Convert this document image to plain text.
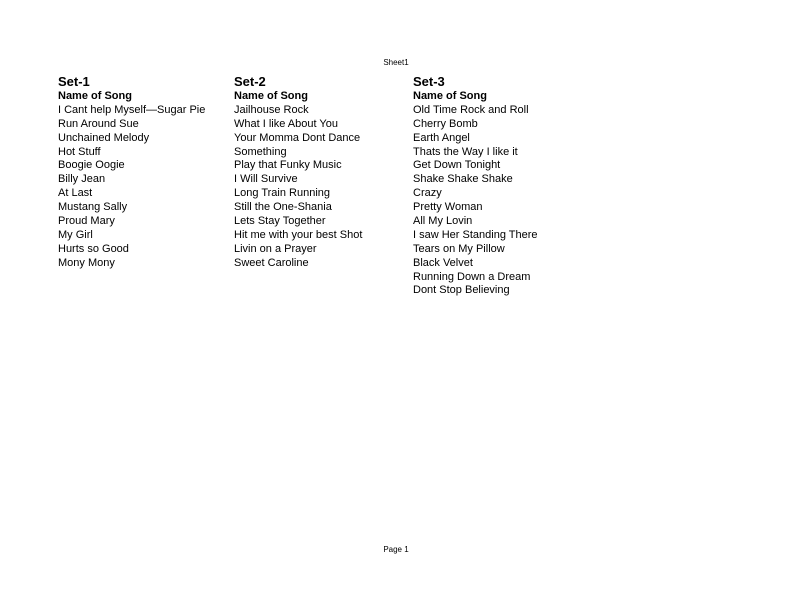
Sheet1
Set-1
Name of Song
I Cant help Myself—Sugar Pie
Run Around Sue
Unchained Melody
Hot Stuff
Boogie Oogie
Billy Jean
At Last
Mustang Sally
Proud Mary
My Girl
Hurts so Good
Mony Mony
Set-2
Name of Song
Jailhouse Rock
What I like About You
Your Momma Dont Dance
Something
Play that Funky Music
I Will Survive
Long Train Running
Still the One-Shania
Lets Stay Together
Hit me with your best Shot
Livin on a Prayer
Sweet Caroline
Set-3
Name of Song
Old Time Rock and Roll
Cherry Bomb
Earth Angel
Thats the Way I like it
Get Down Tonight
Shake Shake Shake
Crazy
Pretty Woman
All My Lovin
I saw Her Standing There
Tears on My Pillow
Black Velvet
Running Down a Dream
Dont Stop Believing
Page 1
